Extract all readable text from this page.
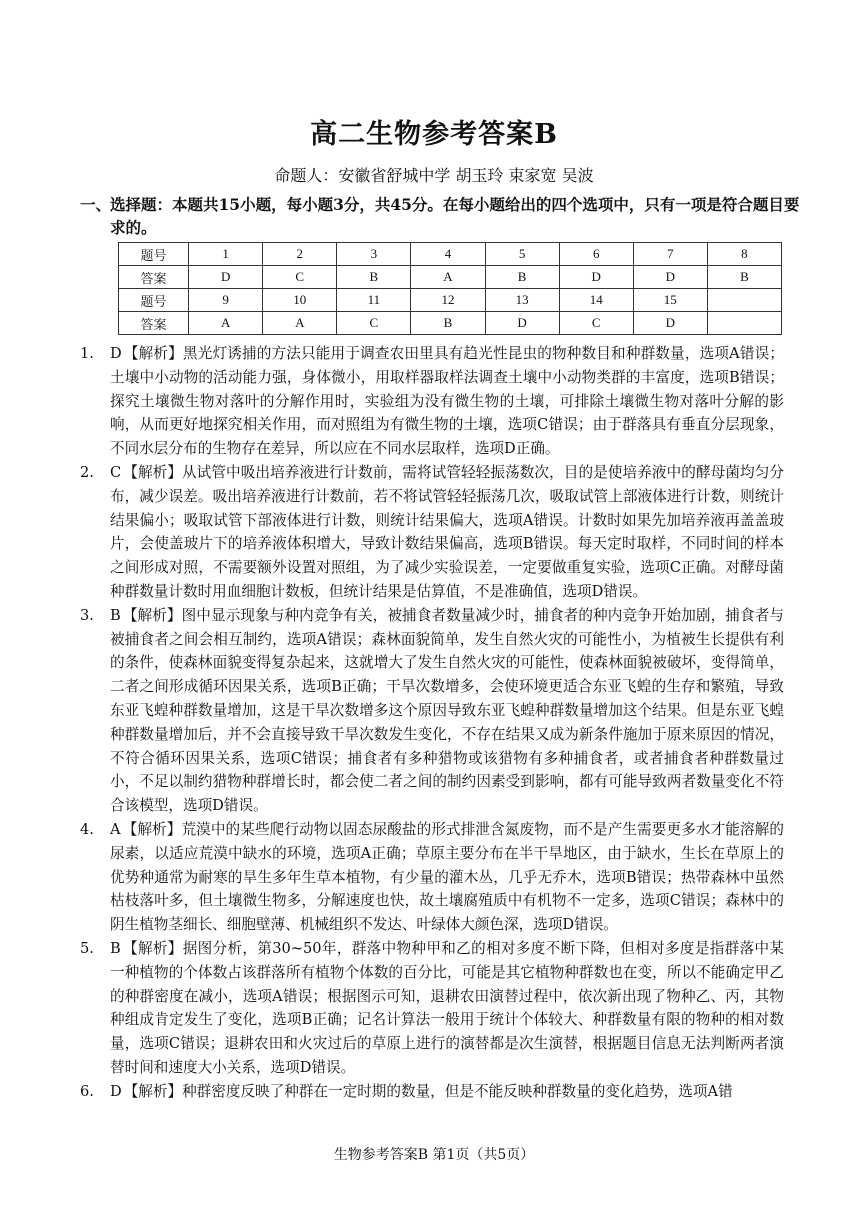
高二生物参考答案B
命题人：安徽省舒城中学 胡玉玲 束家宽 吴波
一、
选择题：本题共15小题，每小题3分，共45分。在每小题给出的四个选项中，只有一项是符合题目要求的。
题号	1	2	3	4	5	6	7	8
答案	D	C	B	A	B	D	D	B
题号	9	10	11	12	13	14	15	
答案	A	A	C	B	D	C	D	
1. D 【解析】黑光灯诱捕的方法只能用于调查农田里具有趋光性昆虫的物种数目和种群数量，选项A错误；土壤中小动物的活动能力强，身体微小，用取样器取样法调查土壤中小动物类群的丰富度，选项B错误；探究土壤微生物对落叶的分解作用时，实验组为没有微生物的土壤，可排除土壤微生物对落叶分解的影响，从而更好地探究相关作用，而对照组为有微生物的土壤，选项C错误；由于群落具有垂直分层现象，不同水层分布的生物存在差异，所以应在不同水层取样，选项D正确。
2. C 【解析】从试管中吸出培养液进行计数前，需将试管轻轻振荡数次，目的是使培养液中的酵母菌均匀分布，减少误差。吸出培养液进行计数前，若不将试管轻轻振荡几次，吸取试管上部液体进行计数，则统计结果偏小；吸取试管下部液体进行计数，则统计结果偏大，选项A错误。计数时如果先加培养液再盖盖玻片，会使盖玻片下的培养液体积增大，导致计数结果偏高，选项B错误。每天定时取样，不同时间的样本之间形成对照，不需要额外设置对照组，为了减少实验误差，一定要做重复实验，选项C正确。对酵母菌种群数量计数时用血细胞计数板，但统计结果是估算值，不是准确值，选项D错误。
3. B 【解析】图中显示现象与种内竞争有关，被捕食者数量减少时，捕食者的种内竞争开始加剧，捕食者与被捕食者之间会相互制约，选项A错误；森林面貌简单，发生自然火灾的可能性小，为植被生长提供有利的条件，使森林面貌变得复杂起来，这就增大了发生自然火灾的可能性，使森林面貌被破坏，变得简单，二者之间形成循环因果关系，选项B正确；干旱次数增多，会使环境更适合东亚飞蝗的生存和繁殖，导致东亚飞蝗种群数量增加，这是干旱次数增多这个原因导致东亚飞蝗种群数量增加这个结果。但是东亚飞蝗种群数量增加后，并不会直接导致干旱次数发生变化，不存在结果又成为新条件施加于原来原因的情况，不符合循环因果关系，选项C错误；捕食者有多种猎物或该猎物有多种捕食者，或者捕食者种群数量过小，不足以制约猎物种群增长时，都会使二者之间的制约因素受到影响，都有可能导致两者数量变化不符合该模型，选项D错误。
4. A 【解析】荒漠中的某些爬行动物以固态尿酸盐的形式排泄含氮废物，而不是产生需要更多水才能溶解的尿素，以适应荒漠中缺水的环境，选项A正确；草原主要分布在半干旱地区，由于缺水，生长在草原上的优势种通常为耐寒的旱生多年生草本植物，有少量的灌木丛，几乎无乔木，选项B错误；热带森林中虽然枯枝落叶多，但土壤微生物多，分解速度也快，故土壤腐殖质中有机物不一定多，选项C错误；森林中的阴生植物茎细长、细胞壁薄、机械组织不发达、叶绿体大颜色深，选项D错误。
5. B 【解析】据图分析，第30~50年，群落中物种甲和乙的相对多度不断下降，但相对多度是指群落中某一种植物的个体数占该群落所有植物个体数的百分比，可能是其它植物种群数也在变，所以不能确定甲乙的种群密度在减小，选项A错误；根据图示可知，退耕农田演替过程中，依次新出现了物种乙、丙，其物种组成肯定发生了变化，选项B正确；记名计算法一般用于统计个体较大、种群数量有限的物种的相对数量，选项C错误；退耕农田和火灾过后的草原上进行的演替都是次生演替，根据题目信息无法判断两者演替时间和速度大小关系，选项D错误。
6. D 【解析】种群密度反映了种群在一定时期的数量，但是不能反映种群数量的变化趋势，选项A错
生物参考答案B 第1页（共5页）
